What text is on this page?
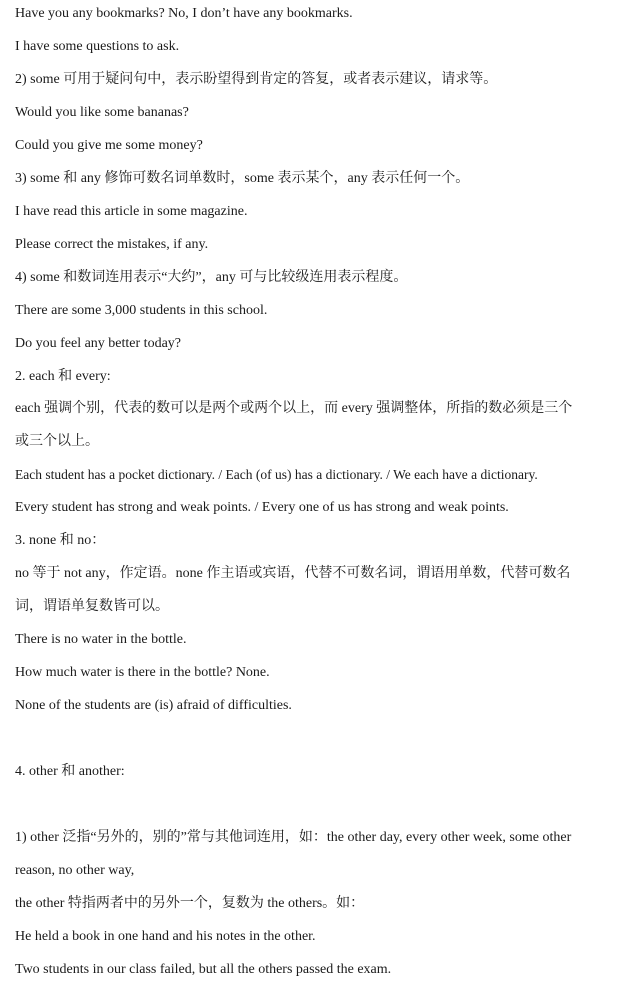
Have you any bookmarks? No, I don’t have any bookmarks.
I have some questions to ask.
2) some 可用于疑问句中，表示盼望得到肯定的答复，或者表示建议，请求等。
Would you like some bananas?
Could you give me some money?
3) some 和 any 修饰可数名词单数时，some 表示某个，any 表示任何一个。
I have read this article in some magazine.
Please correct the mistakes, if any.
4) some 和数词连用表示“大约”，any 可与比较级连用表示程度。
There are some 3,000 students in this school.
Do you feel any better today?
2. each 和 every:
each 强调个别，代表的数可以是两个或两个以上，而 every 强调整体，所指的数必须是三个
或三个以上。
Each student has a pocket dictionary. / Each (of us) has a dictionary. / We each have a dictionary.
Every student has strong and weak points. / Every one of us has strong and weak points.
3. none 和 no：
no 等于 not any，作定语。none 作主语或宾语，代替不可数名词，谓语用单数，代替可数名
词，谓语单复数皆可以。
There is no water in the bottle.
How much water is there in the bottle? None.
None of the students are (is) afraid of difficulties.
4. other 和 another:
1) other 泛指“另外的，别的”常与其他词连用，如：the other day, every other week, some other
reason, no other way,
the other 特指两者中的另外一个，复数为 the others。如：
He held a book in one hand and his notes in the other.
Two students in our class failed, but all the others passed the exam.
